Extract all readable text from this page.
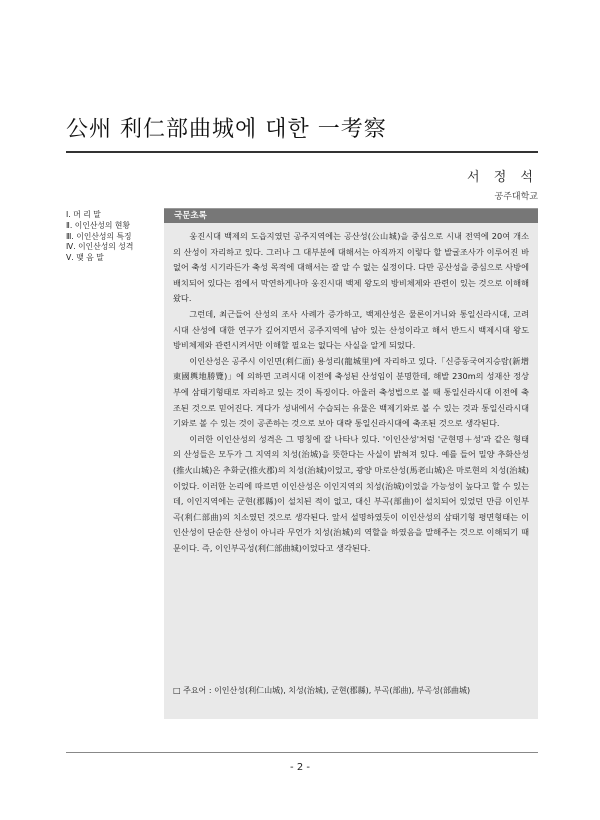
公州 利仁部曲城에 대한 一考察
서 정 석
공주대학교
Ⅰ. 머 리 말
Ⅱ. 이인산성의 현황
Ⅲ. 이인산성의 특징
Ⅳ. 이인산성의 성격
Ⅴ. 맺 음 말
국문초록

웅진시대 백제의 도읍지였던 공주지역에는 공산성(公山城)을 중심으로 시내 전역에 20여 개소의 산성이 자리하고 있다. 그러나 그 대부분에 대해서는 아직까지 이렇다 할 발굴조사가 이루어진 바 없어 축성 시기라든가 축성 목적에 대해서는 잘 알 수 없는 실정이다. 다만 공산성을 중심으로 사방에 배치되어 있다는 점에서 막연하게나마 웅진시대 백제 왕도의 방비체제와 관련이 있는 것으로 이해해 왔다.

그런데, 최근들어 산성의 조사 사례가 증가하고, 백제산성은 물론이거니와 통일신라시대, 고려시대 산성에 대한 연구가 깊어지면서 공주지역에 남아 있는 산성이라고 해서 반드시 백제시대 왕도 방비체제와 관련시켜서만 이해할 필요는 없다는 사실을 알게 되었다.

이인산성은 공주시 이인면(利仁面) 용성리(龍城里)에 자리하고 있다.「신증동국여지승람(新增東國輿地勝覽)」에 의하면 고려시대 이전에 축성된 산성임이 분명한데, 해발 230m의 성재산 정상부에 삼태기형태로 자리하고 있는 것이 특징이다. 아울러 축성법으로 볼 때 통일신라시대 이전에 축조된 것으로 믿어진다. 게다가 성내에서 수습되는 유물은 백제기와로 볼 수 있는 것과 통일신라시대 기와로 볼 수 있는 것이 공존하는 것으로 보아 대략 통일신라시대에 축조된 것으로 생각된다.

이러한 이인산성의 성격은 그 명칭에 잘 나타나 있다. '이인산성'처럼 '군현명＋성'과 같은 형태의 산성들은 모두가 그 지역의 치성(治城)을 뜻한다는 사실이 밝혀져 있다. 예를 들어 밀양 추화산성(推火山城)은 추화군(推火郡)의 치성(治城)이었고, 광양 마로산성(馬老山城)은 마로현의 치성(治城) 이었다. 이러한 논리에 따르면 이인산성은 이인지역의 치성(治城)이었을 가능성이 높다고 할 수 있는데, 이인지역에는 군현(郡縣)이 설치된 적이 없고, 대신 부곡(部曲)이 설치되어 있었던 만큼 이인부곡(利仁部曲)의 치소였던 것으로 생각된다. 앞서 설명하였듯이 이인산성의 삼태기형 평면형태는 이인산성이 단순한 산성이 아니라 무언가 치성(治城)의 역할을 하였음을 말해주는 것으로 이해되기 때문이다. 즉, 이인부곡성(利仁部曲城)이었다고 생각된다.

□ 주요어 : 이인산성(利仁山城), 치성(治城), 군현(郡縣), 부곡(部曲), 부곡성(部曲城)
- 2 -
